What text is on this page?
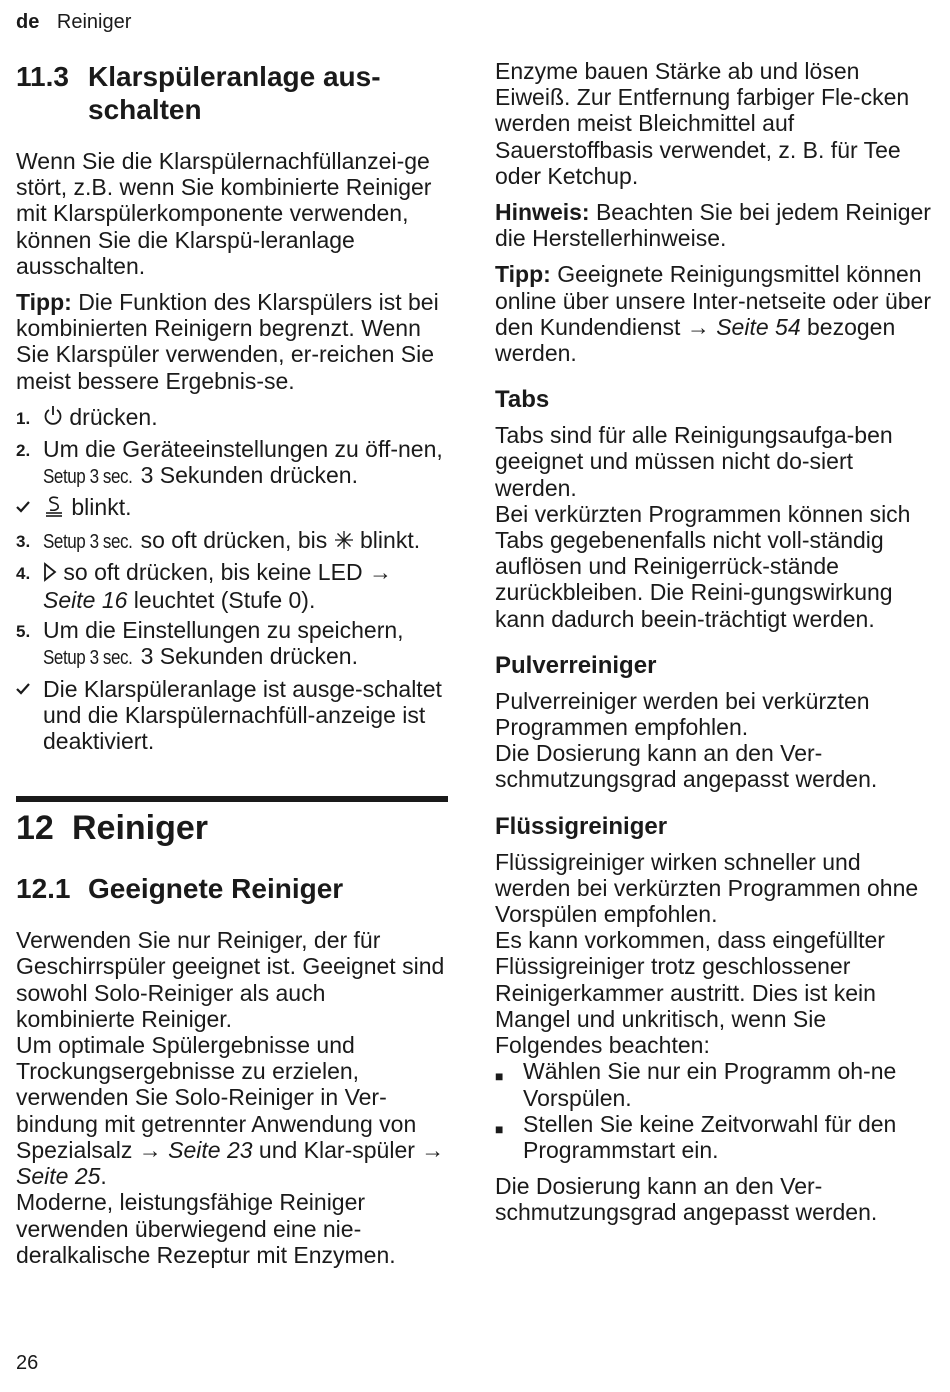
de Reiniger
11.3 Klarspüleranlage aus-schalten

Wenn Sie die Klarspülernachfüllanzei-ge stört, z.B. wenn Sie kombinierte Reiniger mit Klarspülerkomponente verwenden, können Sie die Klarspü-leranlage ausschalten.

Tipp: Die Funktion des Klarspülers ist bei kombinierten Reinigern begrenzt. Wenn Sie Klarspüler verwenden, er-reichen Sie meist bessere Ergebnis-se.

1.	drücken.
2. Um die Geräteeinstellungen zu öff-nen, Setup 3 sec. 3 Sekunden drücken.
blinkt.
3. Setup 3 sec. so oft drücken, bis blinkt.
4.	so oft drücken, bis keine LED → Seite 16 leuchtet (Stufe 0).
5. Um die Einstellungen zu speichern, Setup 3 sec. 3 Sekunden drücken.
Die Klarspüleranlage ist ausge-schaltet und die Klarspülernachfüll-anzeige ist deaktiviert.
12 Reiniger
12.1 Geeignete Reiniger

Verwenden Sie nur Reiniger, der für Geschirrspüler geeignet ist. Geeignet sind sowohl Solo-Reiniger als auch kombinierte Reiniger.

Um optimale Spülergebnisse und Trockungsergebnisse zu erzielen, verwenden Sie Solo-Reiniger in Ver-bindung mit getrennter Anwendung von Spezialsalz → Seite 23 und Klar-spüler → Seite 25.

Moderne, leistungsfähige Reiniger verwenden überwiegend eine nie-deralkalische Rezeptur mit Enzymen.

Enzyme bauen Stärke ab und lösen Eiweiß. Zur Entfernung farbiger Fle-cken werden meist Bleichmittel auf Sauerstoffbasis verwendet, z. B. für Tee oder Ketchup.

Hinweis: Beachten Sie bei jedem Reiniger die Herstellerhinweise.

Tipp: Geeignete Reinigungsmittel können online über unsere Inter-netseite oder über den Kundendienst → Seite 54 bezogen werden.

Tabs

Tabs sind für alle Reinigungsaufga-ben geeignet und müssen nicht do-siert werden.

Bei verkürzten Programmen können sich Tabs gegebenenfalls nicht voll-ständig auflösen und Reinigerrück-stände zurückbleiben. Die Reini-gungswirkung kann dadurch beein-trächtigt werden.

Pulverreiniger

Pulverreiniger werden bei verkürzten Programmen empfohlen.

Die Dosierung kann an den Ver-schmutzungsgrad angepasst werden.

Flüssigreiniger

Flüssigreiniger wirken schneller und werden bei verkürzten Programmen ohne Vorspülen empfohlen.

Es kann vorkommen, dass eingefüllter Flüssigreiniger trotz geschlossener Reinigerkammer austritt. Dies ist kein Mangel und unkritisch, wenn Sie Folgendes beachten:

■ Wählen Sie nur ein Programm oh-ne Vorspülen.
■ Stellen Sie keine Zeitvorwahl für den Programmstart ein.

Die Dosierung kann an den Ver-schmutzungsgrad angepasst werden.

26
